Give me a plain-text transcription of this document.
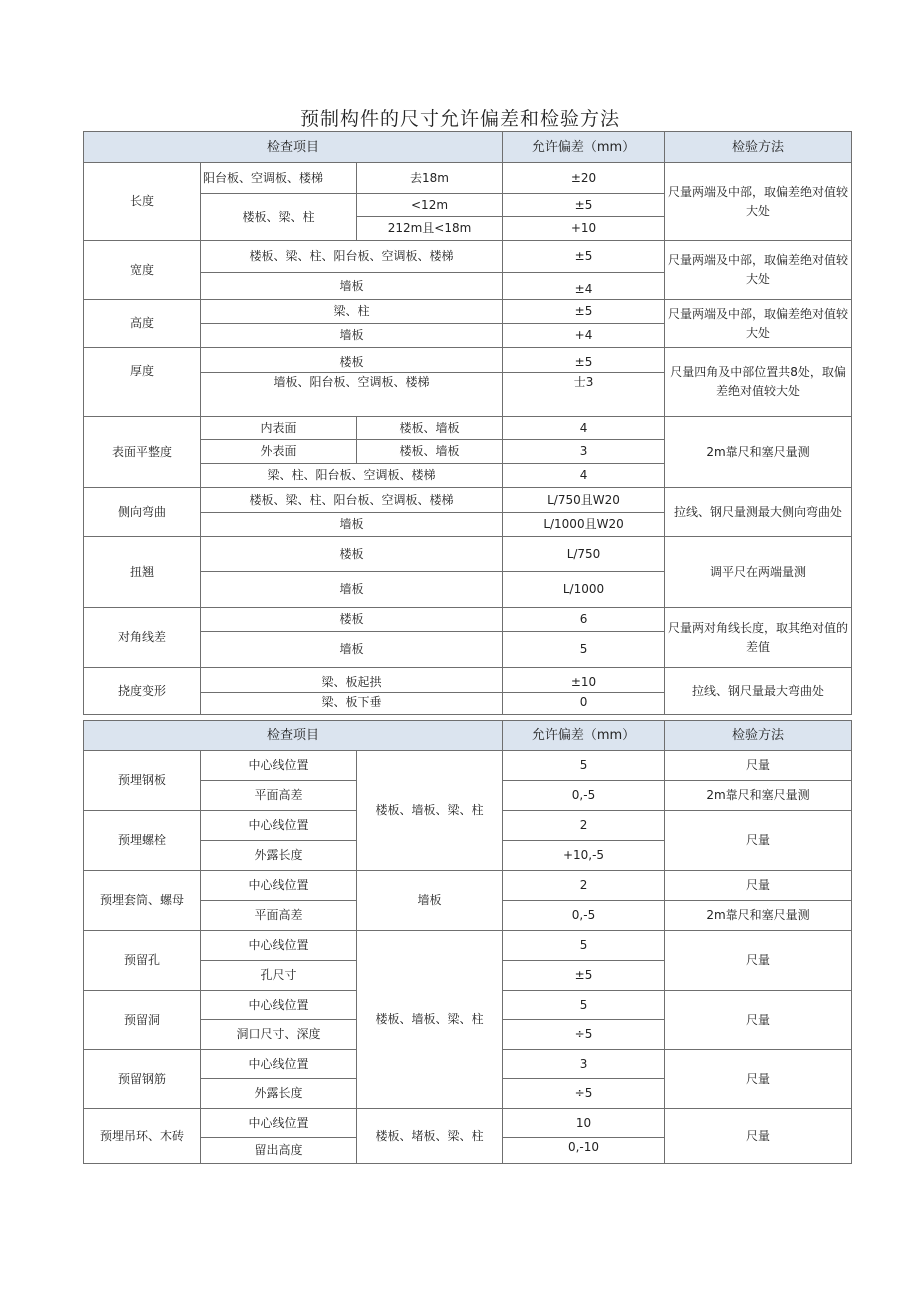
预制构件的尺寸允许偏差和检验方法
检查项目			允许偏差（mm）	检验方法
长度	阳台板、空调板、楼梯	去18m	±20	尺量两端及中部，取偏差绝对值较大处
	楼板、梁、柱	<12m	±5	
		212m且<18m	+10	
宽度	楼板、梁、柱、阳台板、空调板、楼梯		±5	尺量两端及中部，取偏差绝对值较大处
	墙板		±4	
高度	梁、柱		±5	尺量两端及中部，取偏差绝对值较大处
	墙板		+4	
厚度	楼板		±5	尺量四角及中部位置共8处，取偏差绝对值较大处
	墙板、阳台板、空调板、楼梯		士3	
表面平整度	内表面	楼板、墙板	4	2m靠尺和塞尺量测
	外表面	楼板、墙板	3	
	梁、柱、阳台板、空调板、楼梯		4	
侧向弯曲	楼板、梁、柱、阳台板、空调板、楼梯		L/750且W20	拉线、钢尺量测最大侧向弯曲处
	墙板		L/1000且W20	
扭翘	楼板		L/750	调平尺在两端量测
	墙板		L/1000	
对角线差	楼板		6	尺量两对角线长度，取其绝对值的差值
	墙板		5	
挠度变形	梁、板起拱		±10	拉线、钢尺量最大弯曲处
	梁、板下垂		0	
检查项目			允许偏差（mm）	检验方法
预埋钢板	中心线位置	楼板、墙板、梁、柱	5	尺量
	平面高差		0,-5	2m靠尺和塞尺量测
预埋螺栓	中心线位置		2	尺量
	外露长度		+10,-5	
预埋套筒、螺母	中心线位置	墙板	2	尺量
	平面高差		0,-5	2m靠尺和塞尺量测
预留孔	中心线位置	楼板、墙板、梁、柱	5	尺量
	孔尺寸		±5	
预留洞	中心线位置		5	尺量
	洞口尺寸、深度		÷5	
预留钢筋	中心线位置		3	尺量
	外露长度		÷5	
预埋吊环、木砖	中心线位置	楼板、堵板、梁、柱	10	尺量
	留出高度		0,-10	
